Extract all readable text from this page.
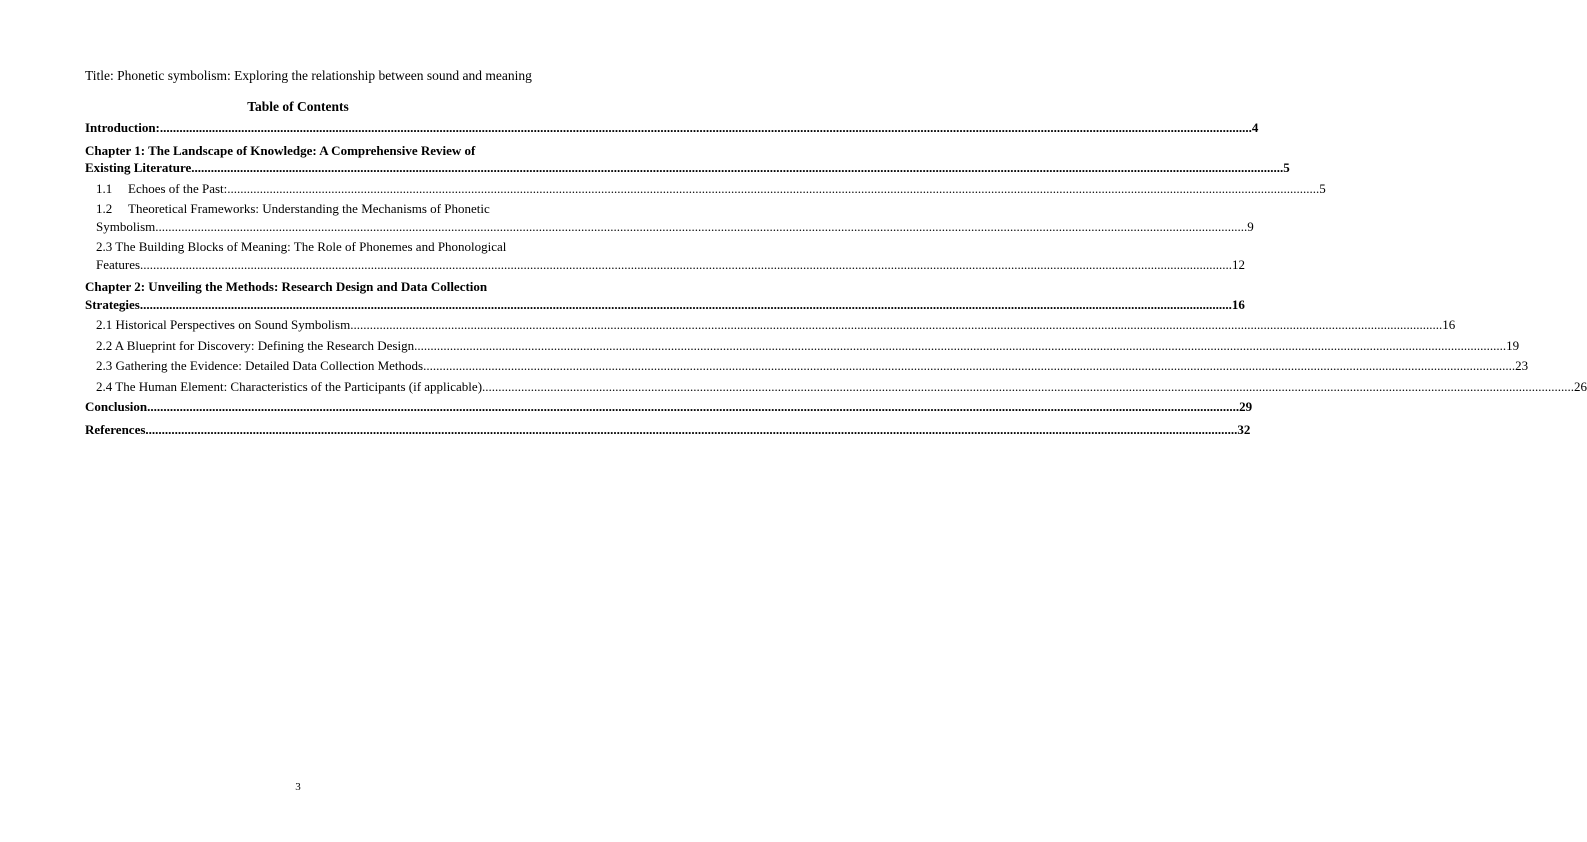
Title: Phonetic symbolism: Exploring the relationship between sound and meaning
Table of Contents
Introduction: .....	4
Chapter 1: The Landscape of Knowledge: A Comprehensive Review of
Existing Literature .....	5
1.1 Echoes of the Past: .....	5
1.2 Theoretical Frameworks: Understanding the Mechanisms of Phonetic
Symbolism .....	9
2.3 The Building Blocks of Meaning: The Role of Phonemes and Phonological
Features .....	12
Chapter 2: Unveiling the Methods: Research Design and Data Collection
Strategies .....	16
2.1 Historical Perspectives on Sound Symbolism .....	16
2.2 A Blueprint for Discovery: Defining the Research Design .....	19
2.3 Gathering the Evidence: Detailed Data Collection Methods .....	23
2.4 The Human Element: Characteristics of the Participants (if applicable) .....	26
Conclusion .....	29
References .....	32
3
